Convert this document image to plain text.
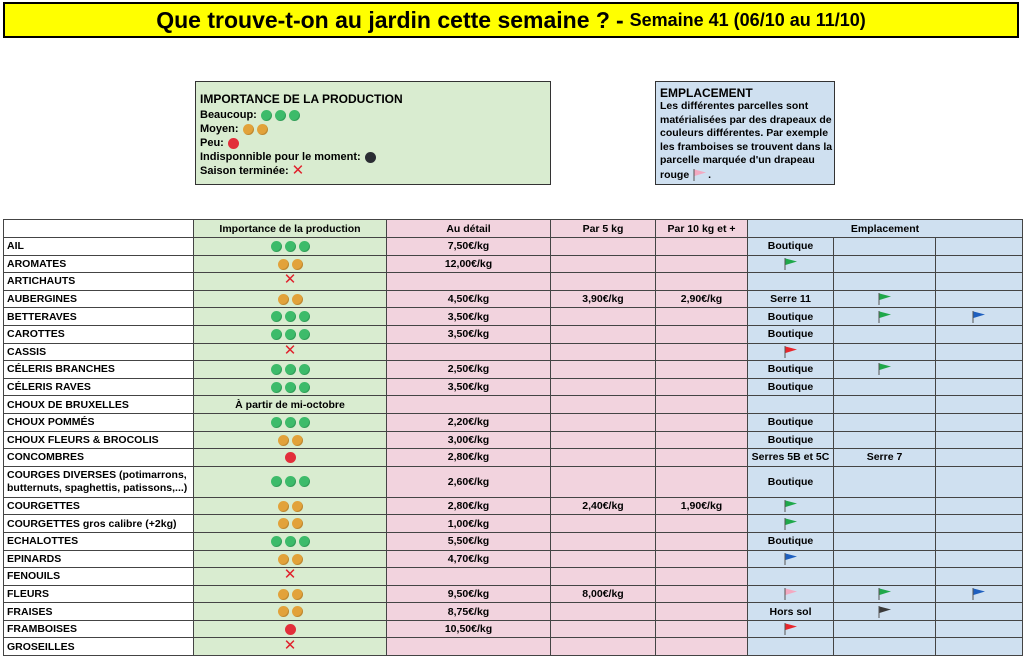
Que trouve-t-on au jardin cette semaine ? - Semaine 41 (06/10 au 11/10)
IMPORTANCE DE LA PRODUCTION
Beaucoup:
Moyen:
Peu:
Indisponnible pour le moment:
Saison terminée: ✕
EMPLACEMENT
Les différentes parcelles sont
matérialisées par des drapeaux de
couleurs différentes. Par exemple
les framboises se trouvent dans la
parcelle marquée d'un drapeau
rouge .
	Importance de la production	Au détail	Par 5 kg	Par 10 kg et +	Emplacement		
AIL		7,50€/kg			Boutique		
AROMATES		12,00€/kg					
ARTICHAUTS	✕						
AUBERGINES		4,50€/kg	3,90€/kg	2,90€/kg	Serre 11		
BETTERAVES		3,50€/kg			Boutique		
CAROTTES		3,50€/kg			Boutique		
CASSIS	✕						
CÉLERIS BRANCHES		2,50€/kg			Boutique		
CÉLERIS RAVES		3,50€/kg			Boutique		
CHOUX DE BRUXELLES	À partir de mi-octobre						
CHOUX POMMÉS		2,20€/kg			Boutique		
CHOUX FLEURS & BROCOLIS		3,00€/kg			Boutique		
CONCOMBRES		2,80€/kg			Serres 5B et 5C	Serre 7	
COURGES DIVERSES (potimarrons, butternuts, spaghettis, patissons,...)		2,60€/kg			Boutique		
COURGETTES		2,80€/kg	2,40€/kg	1,90€/kg			
COURGETTES gros calibre (+2kg)		1,00€/kg					
ECHALOTTES		5,50€/kg			Boutique		
EPINARDS		4,70€/kg					
FENOUILS	✕						
FLEURS		9,50€/kg	8,00€/kg				
FRAISES		8,75€/kg			Hors sol		
FRAMBOISES		10,50€/kg					
GROSEILLES	✕						
